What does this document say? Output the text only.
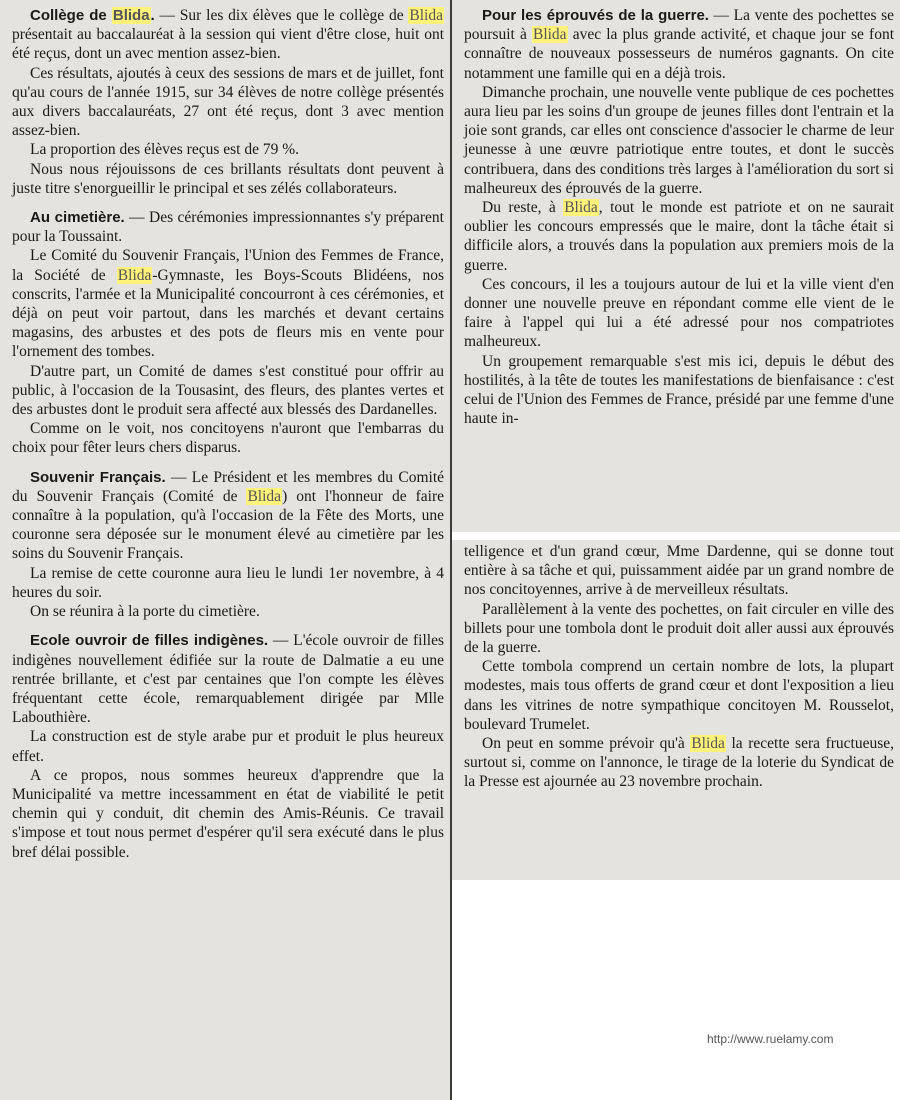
Collège de Blida. — Sur les dix élèves que le collège de Blida présentait au baccalauréat à la session qui vient d'être close, huit ont été reçus, dont un avec mention assez-bien.

Ces résultats, ajoutés à ceux des sessions de mars et de juillet, font qu'au cours de l'année 1915, sur 34 élèves de notre collège présentés aux divers baccalauréats, 27 ont été reçus, dont 3 avec mention assez-bien.

La proportion des élèves reçus est de 79 %.

Nous nous réjouissons de ces brillants résultats dont peuvent à juste titre s'enorgueillir le principal et ses zélés collaborateurs.

Au cimetière. — Des cérémonies impressionnantes s'y préparent pour la Toussaint.

Le Comité du Souvenir Français, l'Union des Femmes de France, la Société de Blida-Gymnaste, les Boys-Scouts Blidéens, nos conscrits, l'armée et la Municipalité concourront à ces cérémonies, et déjà on peut voir partout, dans les marchés et devant certains magasins, des arbustes et des pots de fleurs mis en vente pour l'ornement des tombes.

D'autre part, un Comité de dames s'est constitué pour offrir au public, à l'occasion de la Tousasint, des fleurs, des plantes vertes et des arbustes dont le produit sera affecté aux blessés des Dardanelles.

Comme on le voit, nos concitoyens n'auront que l'embarras du choix pour fêter leurs chers disparus.

Souvenir Français. — Le Président et les membres du Comité du Souvenir Français (Comité de Blida) ont l'honneur de faire connaître à la population, qu'à l'occasion de la Fête des Morts, une couronne sera déposée sur le monument élevé au cimetière par les soins du Souvenir Français.

La remise de cette couronne aura lieu le lundi 1er novembre, à 4 heures du soir.

On se réunira à la porte du cimetière.

Ecole ouvroir de filles indigènes. — L'école ouvroir de filles indigènes nouvellement édifiée sur la route de Dalmatie a eu une rentrée brillante, et c'est par centaines que l'on compte les élèves fréquentant cette école, remarquablement dirigée par Mlle Labouthière.

La construction est de style arabe pur et produit le plus heureux effet.

A ce propos, nous sommes heureux d'apprendre que la Municipalité va mettre incessamment en état de viabilité le petit chemin qui y conduit, dit chemin des Amis-Réunis. Ce travail s'impose et tout nous permet d'espérer qu'il sera exécuté dans le plus bref délai possible.

Pour les éprouvés de la guerre. — La vente des pochettes se poursuit à Blida avec la plus grande activité, et chaque jour se font connaître de nouveaux possesseurs de numéros gagnants. On cite notamment une famille qui en a déjà trois.

Dimanche prochain, une nouvelle vente publique de ces pochettes aura lieu par les soins d'un groupe de jeunes filles dont l'entrain et la joie sont grands, car elles ont conscience d'associer le charme de leur jeunesse à une œuvre patriotique entre toutes, et dont le succès contribuera, dans des conditions très larges à l'amélioration du sort si malheureux des éprouvés de la guerre.

Du reste, à Blida, tout le monde est patriote et on ne saurait oublier les concours empressés que le maire, dont la tâche était si difficile alors, a trouvés dans la population aux premiers mois de la guerre.

Ces concours, il les a toujours autour de lui et la ville vient d'en donner une nouvelle preuve en répondant comme elle vient de le faire à l'appel qui lui a été adressé pour nos compatriotes malheureux.

Un groupement remarquable s'est mis ici, depuis le début des hostilités, à la tête de toutes les manifestations de bienfaisance : c'est celui de l'Union des Femmes de France, présidé par une femme d'une haute in-

telligence et d'un grand cœur, Mme Dardenne, qui se donne tout entière à sa tâche et qui, puissamment aidée par un grand nombre de nos concitoyennes, arrive à de merveilleux résultats.

Parallèlement à la vente des pochettes, on fait circuler en ville des billets pour une tombola dont le produit doit aller aussi aux éprouvés de la guerre.

Cette tombola comprend un certain nombre de lots, la plupart modestes, mais tous offerts de grand cœur et dont l'exposition a lieu dans les vitrines de notre sympathique concitoyen M. Rousselot, boulevard Trumelet.

On peut en somme prévoir qu'à Blida la recette sera fructueuse, surtout si, comme on l'annonce, le tirage de la loterie du Syndicat de la Presse est ajournée au 23 novembre prochain.

http://www.ruelamy.com
